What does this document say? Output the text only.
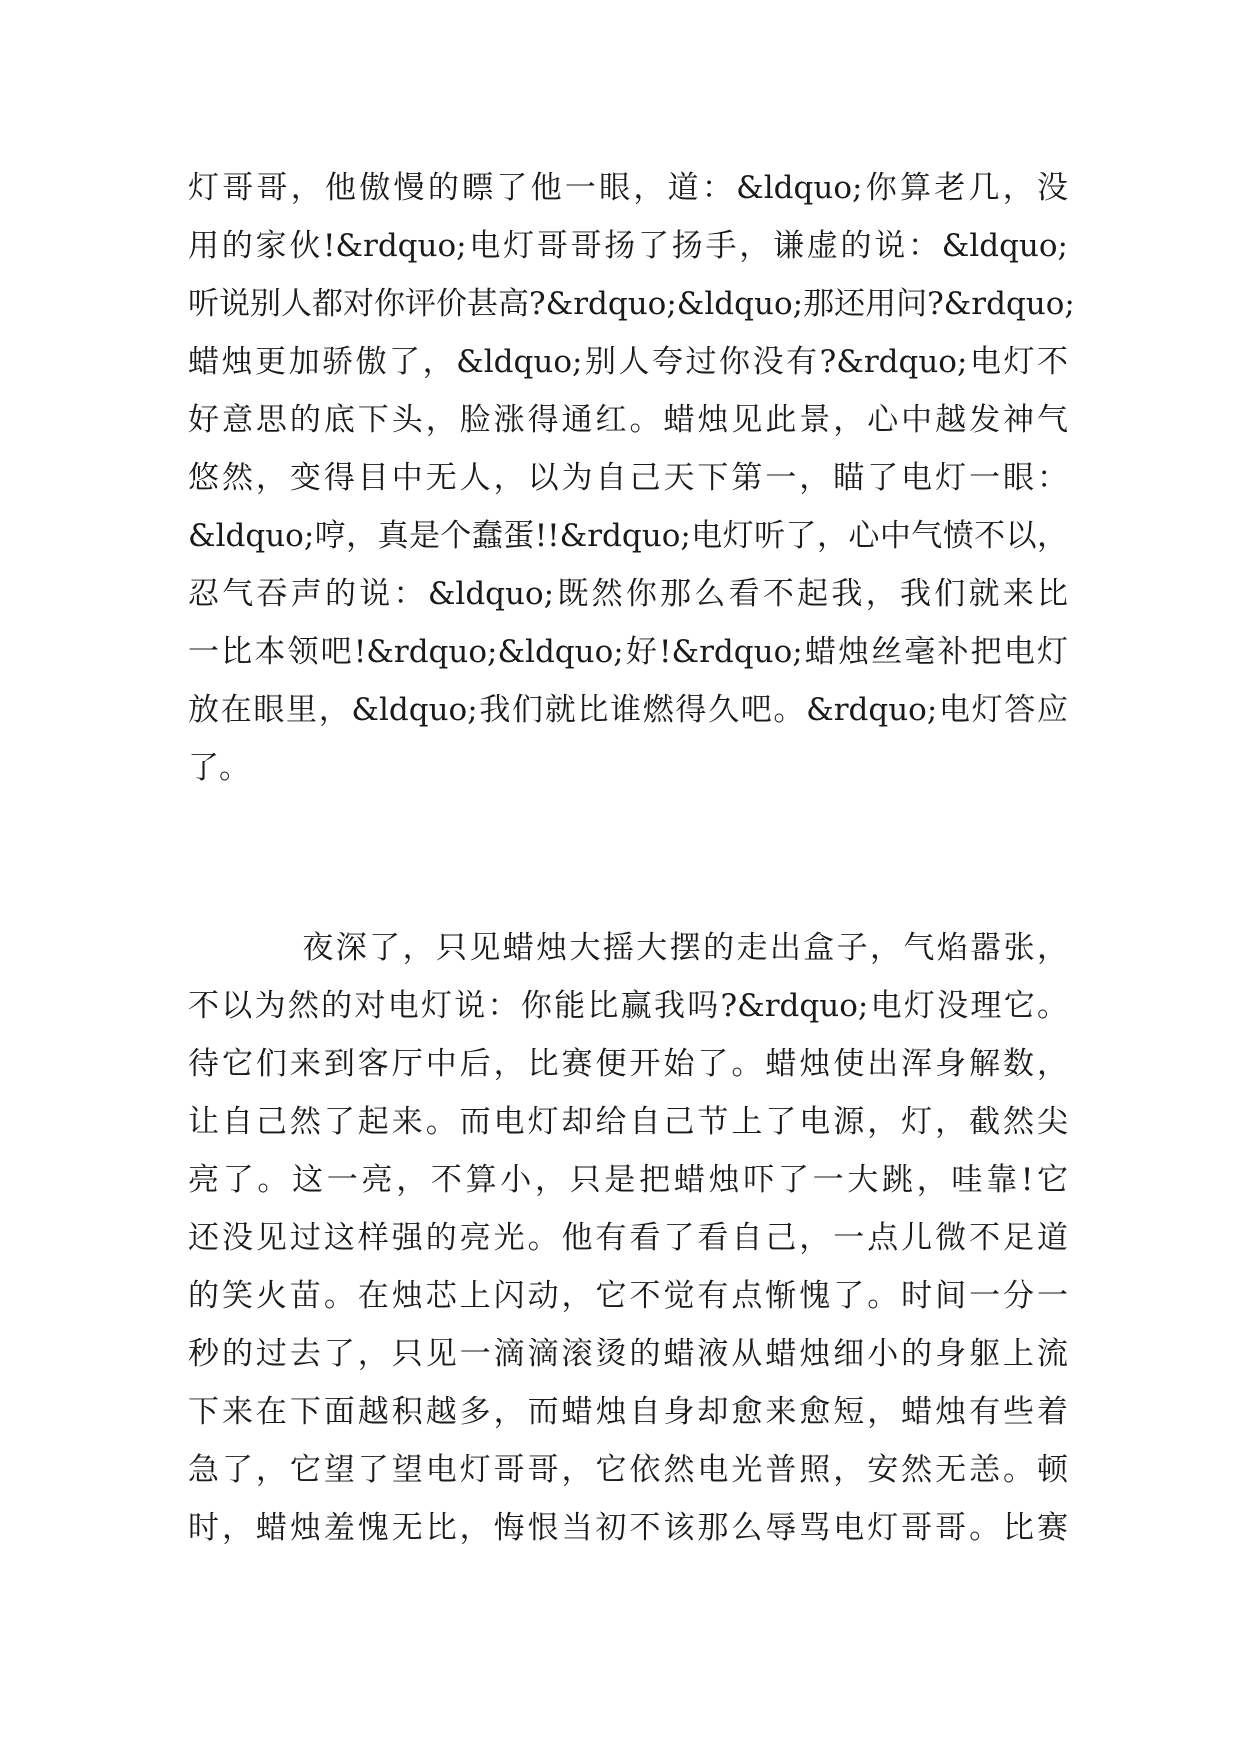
灯哥哥，他傲慢的瞟了他一眼，道：&ldquo;你算老几，没
用的家伙!&rdquo;电灯哥哥扬了扬手，谦虚的说：&ldquo;
听说别人都对你评价甚高?&rdquo;&ldquo;那还用问?&rdquo;
蜡烛更加骄傲了，&ldquo;别人夸过你没有?&rdquo;电灯不
好意思的底下头，脸涨得通红。蜡烛见此景，心中越发神气
悠然，变得目中无人，以为自己天下第一，瞄了电灯一眼：
&ldquo;哼，真是个蠢蛋!!&rdquo;电灯听了，心中气愤不以，
忍气吞声的说：&ldquo;既然你那么看不起我，我们就来比
一比本领吧!&rdquo;&ldquo;好!&rdquo;蜡烛丝毫补把电灯
放在眼里，&ldquo;我们就比谁燃得久吧。&rdquo;电灯答应
了。
夜深了，只见蜡烛大摇大摆的走出盒子，气焰嚣张，
不以为然的对电灯说：你能比赢我吗?&rdquo;电灯没理它。
待它们来到客厅中后，比赛便开始了。蜡烛使出浑身解数，
让自己然了起来。而电灯却给自己节上了电源，灯，截然尖
亮了。这一亮，不算小，只是把蜡烛吓了一大跳，哇靠!它
还没见过这样强的亮光。他有看了看自己，一点儿微不足道
的笑火苗。在烛芯上闪动，它不觉有点惭愧了。时间一分一
秒的过去了，只见一滴滴滚烫的蜡液从蜡烛细小的身躯上流
下来在下面越积越多，而蜡烛自身却愈来愈短，蜡烛有些着
急了，它望了望电灯哥哥，它依然电光普照，安然无恙。顿
时，蜡烛羞愧无比，悔恨当初不该那么辱骂电灯哥哥。比赛
